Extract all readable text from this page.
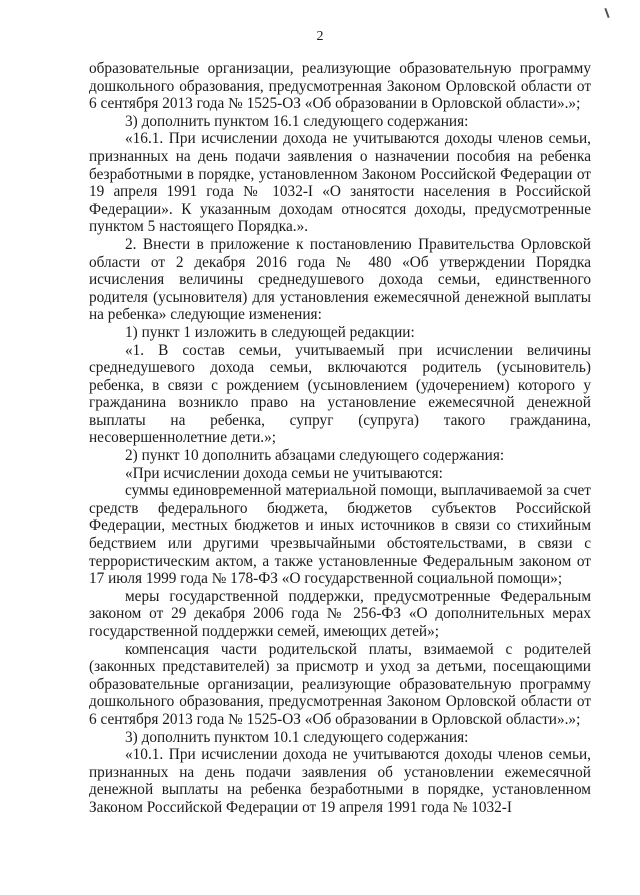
2

образовательные организации, реализующие образовательную программу дошкольного образования, предусмотренная Законом Орловской области от 6 сентября 2013 года № 1525-ОЗ «Об образовании в Орловской области».»;

3) дополнить пунктом 16.1 следующего содержания:

«16.1. При исчислении дохода не учитываются доходы членов семьи, признанных на день подачи заявления о назначении пособия на ребенка безработными в порядке, установленном Законом Российской Федерации от 19 апреля 1991 года № 1032-I «О занятости населения в Российской Федерации». К указанным доходам относятся доходы, предусмотренные пунктом 5 настоящего Порядка.».

2. Внести в приложение к постановлению Правительства Орловской области от 2 декабря 2016 года № 480 «Об утверждении Порядка исчисления величины среднедушевого дохода семьи, единственного родителя (усыновителя) для установления ежемесячной денежной выплаты на ребенка» следующие изменения:

1) пункт 1 изложить в следующей редакции:

«1. В состав семьи, учитываемый при исчислении величины среднедушевого дохода семьи, включаются родитель (усыновитель) ребенка, в связи с рождением (усыновлением (удочерением) которого у гражданина возникло право на установление ежемесячной денежной выплаты на ребенка, супруг (супруга) такого гражданина, несовершеннолетние дети.»;

2) пункт 10 дополнить абзацами следующего содержания:

«При исчислении дохода семьи не учитываются:

суммы единовременной материальной помощи, выплачиваемой за счет средств федерального бюджета, бюджетов субъектов Российской Федерации, местных бюджетов и иных источников в связи со стихийным бедствием или другими чрезвычайными обстоятельствами, в связи с террористическим актом, а также установленные Федеральным законом от 17 июля 1999 года № 178-ФЗ «О государственной социальной помощи»;

меры государственной поддержки, предусмотренные Федеральным законом от 29 декабря 2006 года № 256-ФЗ «О дополнительных мерах государственной поддержки семей, имеющих детей»;

компенсация части родительской платы, взимаемой с родителей (законных представителей) за присмотр и уход за детьми, посещающими образовательные организации, реализующие образовательную программу дошкольного образования, предусмотренная Законом Орловской области от 6 сентября 2013 года № 1525-ОЗ «Об образовании в Орловской области».»;

3) дополнить пунктом 10.1 следующего содержания:

«10.1. При исчислении дохода не учитываются доходы членов семьи, признанных на день подачи заявления об установлении ежемесячной денежной выплаты на ребенка безработными в порядке, установленном Законом Российской Федерации от 19 апреля 1991 года № 1032-I
